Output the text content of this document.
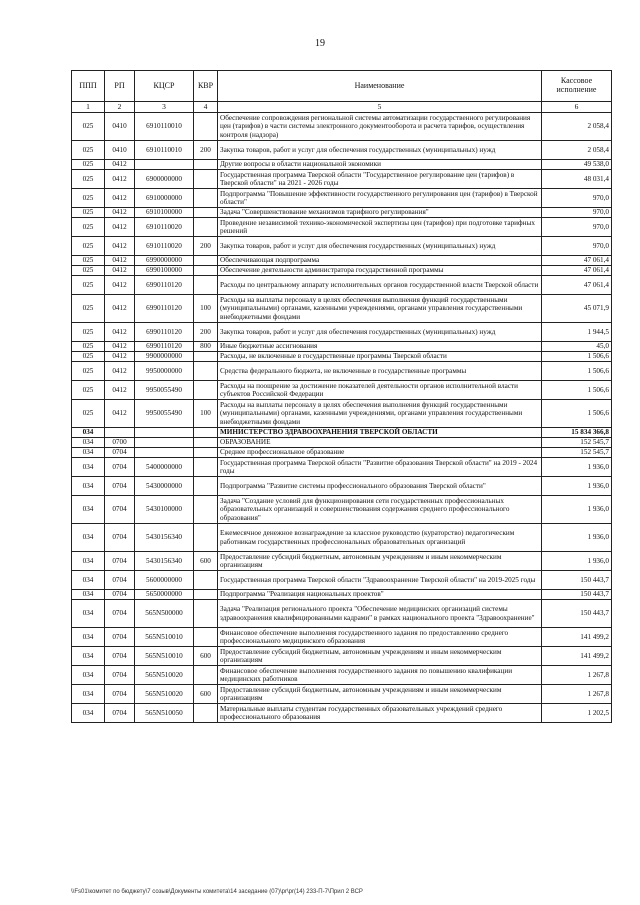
19
ППП	РП	КЦСР	КВР	Наименование	Кассовое исполнение
1	2	3	4	5	6
025	0410	6910110010		Обеспечение сопровождения региональной системы автоматизации государственного регулирования цен (тарифов) в части системы электронного документооборота и расчета тарифов, осуществления контроля (надзора)	2 058,4
025	0410	6910110010	200	Закупка товаров, работ и услуг для обеспечения государственных (муниципальных) нужд	2 058,4
025	0412			Другие вопросы в области национальной экономики	49 538,0
025	0412	6900000000		Государственная программа Тверской области "Государственное регулирование цен (тарифов) в Тверской области" на 2021 - 2026 годы	48 031,4
025	0412	6910000000		Подпрограмма "Повышение эффективности государственного регулирования цен (тарифов) в Тверской области"	970,0
025	0412	6910100000		Задача "Совершенствование механизмов тарифного регулирования"	970,0
025	0412	6910110020		Проведение независимой технико-экономической экспертизы цен (тарифов) при подготовке тарифных решений	970,0
025	0412	6910110020	200	Закупка товаров, работ и услуг для обеспечения государственных (муниципальных) нужд	970,0
025	0412	6990000000		Обеспечивающая подпрограмма	47 061,4
025	0412	6990100000		Обеспечение деятельности администратора государственной программы	47 061,4
025	0412	6990110120		Расходы по центральному аппарату исполнительных органов государственной власти Тверской области	47 061,4
025	0412	6990110120	100	Расходы на выплаты персоналу в целях обеспечения выполнения функций государственными (муниципальными) органами, казенными учреждениями, органами управления государственными внебюджетными фондами	45 071,9
025	0412	6990110120	200	Закупка товаров, работ и услуг для обеспечения государственных (муниципальных) нужд	1 944,5
025	0412	6990110120	800	Иные бюджетные ассигнования	45,0
025	0412	9900000000		Расходы, не включенные в государственные программы Тверской области	1 506,6
025	0412	9950000000		Средства федерального бюджета, не включенные в государственные программы	1 506,6
025	0412	9950055490		Расходы на поощрение за достижение показателей деятельности органов исполнительной власти субъектов Российской Федерации	1 506,6
025	0412	9950055490	100	Расходы на выплаты персоналу в целях обеспечения выполнения функций государственными (муниципальными) органами, казенными учреждениями, органами управления государственными внебюджетными фондами	1 506,6
034				МИНИСТЕРСТВО ЗДРАВООХРАНЕНИЯ ТВЕРСКОЙ ОБЛАСТИ	15 834 366,8
034	0700			ОБРАЗОВАНИЕ	152 545,7
034	0704			Среднее профессиональное образование	152 545,7
034	0704	5400000000		Государственная программа Тверской области "Развитие образования Тверской области" на 2019 - 2024 годы	1 936,0
034	0704	5430000000		Подпрограмма "Развитие системы профессионального образования Тверской области"	1 936,0
034	0704	5430100000		Задача "Создание условий для функционирования сети государственных профессиональных образовательных организаций и совершенствования содержания среднего профессионального образования"	1 936,0
034	0704	5430156340		Ежемесячное денежное вознаграждение за классное руководство (кураторство) педагогическим работникам государственных профессиональных образовательных организаций	1 936,0
034	0704	5430156340	600	Предоставление субсидий бюджетным, автономным учреждениям и иным некоммерческим организациям	1 936,0
034	0704	5600000000		Государственная программа Тверской области "Здравоохранение Тверской области" на 2019-2025 годы	150 443,7
034	0704	5650000000		Подпрограмма "Реализация национальных проектов"	150 443,7
034	0704	565N500000		Задача "Реализация регионального проекта "Обеспечение медицинских организаций системы здравоохранения квалифицированными кадрами" в рамках национального проекта "Здравоохранение"	150 443,7
034	0704	565N510010		Финансовое обеспечение выполнения государственного задания по предоставлению среднего профессионального медицинского образования	141 499,2
034	0704	565N510010	600	Предоставление субсидий бюджетным, автономным учреждениям и иным некоммерческим организациям	141 499,2
034	0704	565N510020		Финансовое обеспечение выполнения государственного задания по повышению квалификации медицинских работников	1 267,8
034	0704	565N510020	600	Предоставление субсидий бюджетным, автономным учреждениям и иным некоммерческим организациям	1 267,8
034	0704	565N510050		Материальные выплаты студентам государственных образовательных учреждений среднего профессионального образования	1 202,5
\\Fs01\комитет по бюджету\7 созыв\Документы комитета\14 заседание (07)\pr\pr(14) 233-П-7\Прил 2 ВСР
